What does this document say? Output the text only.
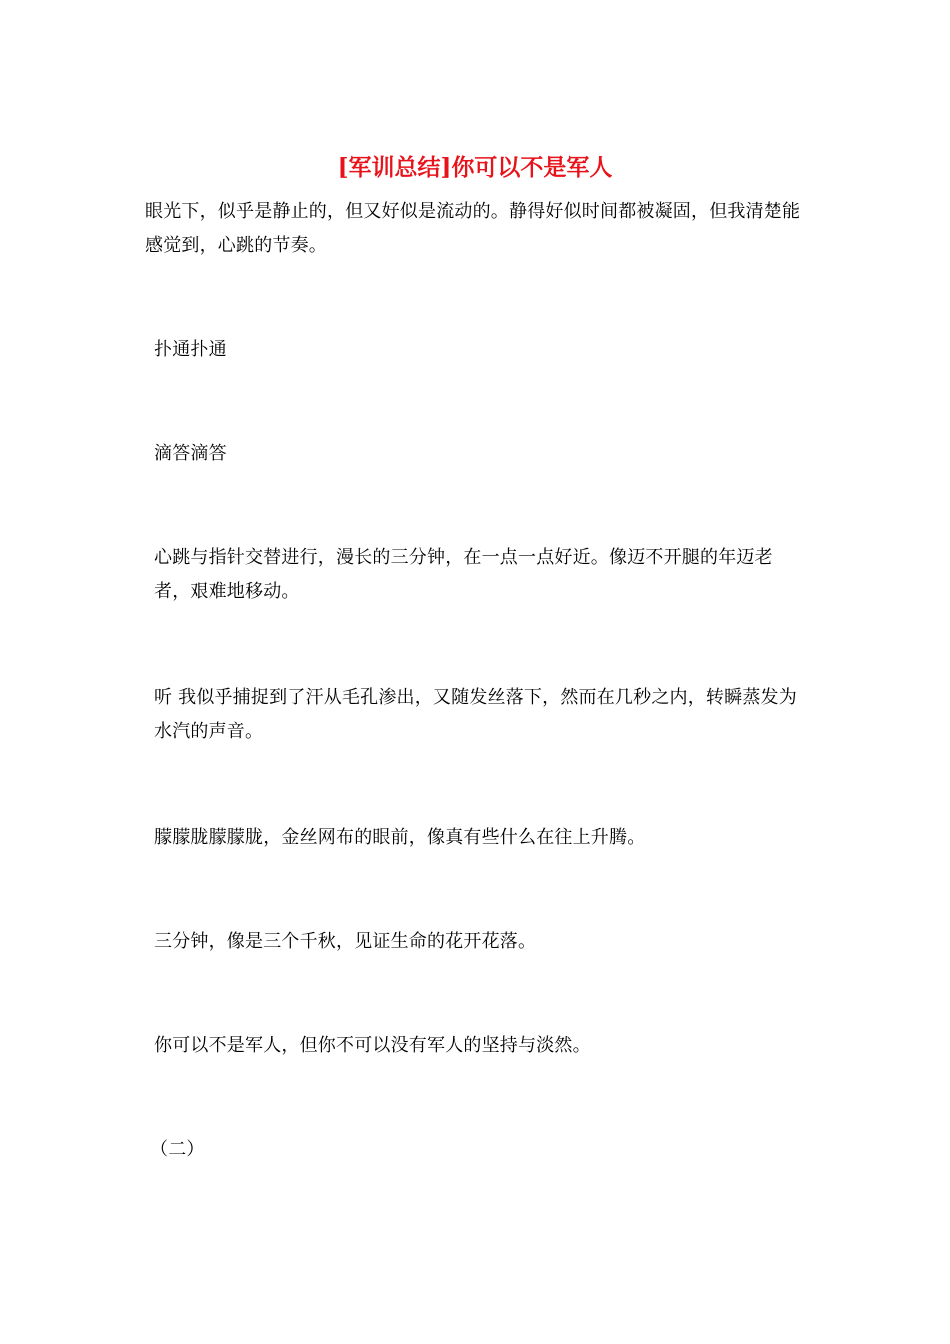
[军训总结]你可以不是军人

眼光下，似乎是静止的，但又好似是流动的。静得好似时间都被凝固，但我清楚能感觉到，心跳的节奏。

扑通扑通

滴答滴答

心跳与指针交替进行，漫长的三分钟，在一点一点好近。像迈不开腿的年迈老者，艰难地移动。

听 我似乎捕捉到了汗从毛孔渗出，又随发丝落下，然而在几秒之内，转瞬蒸发为水汽的声音。

朦朦胧朦朦胧，金丝网布的眼前，像真有些什么在往上升腾。

三分钟，像是三个千秋，见证生命的花开花落。

你可以不是军人，但你不可以没有军人的坚持与淡然。

（二）
